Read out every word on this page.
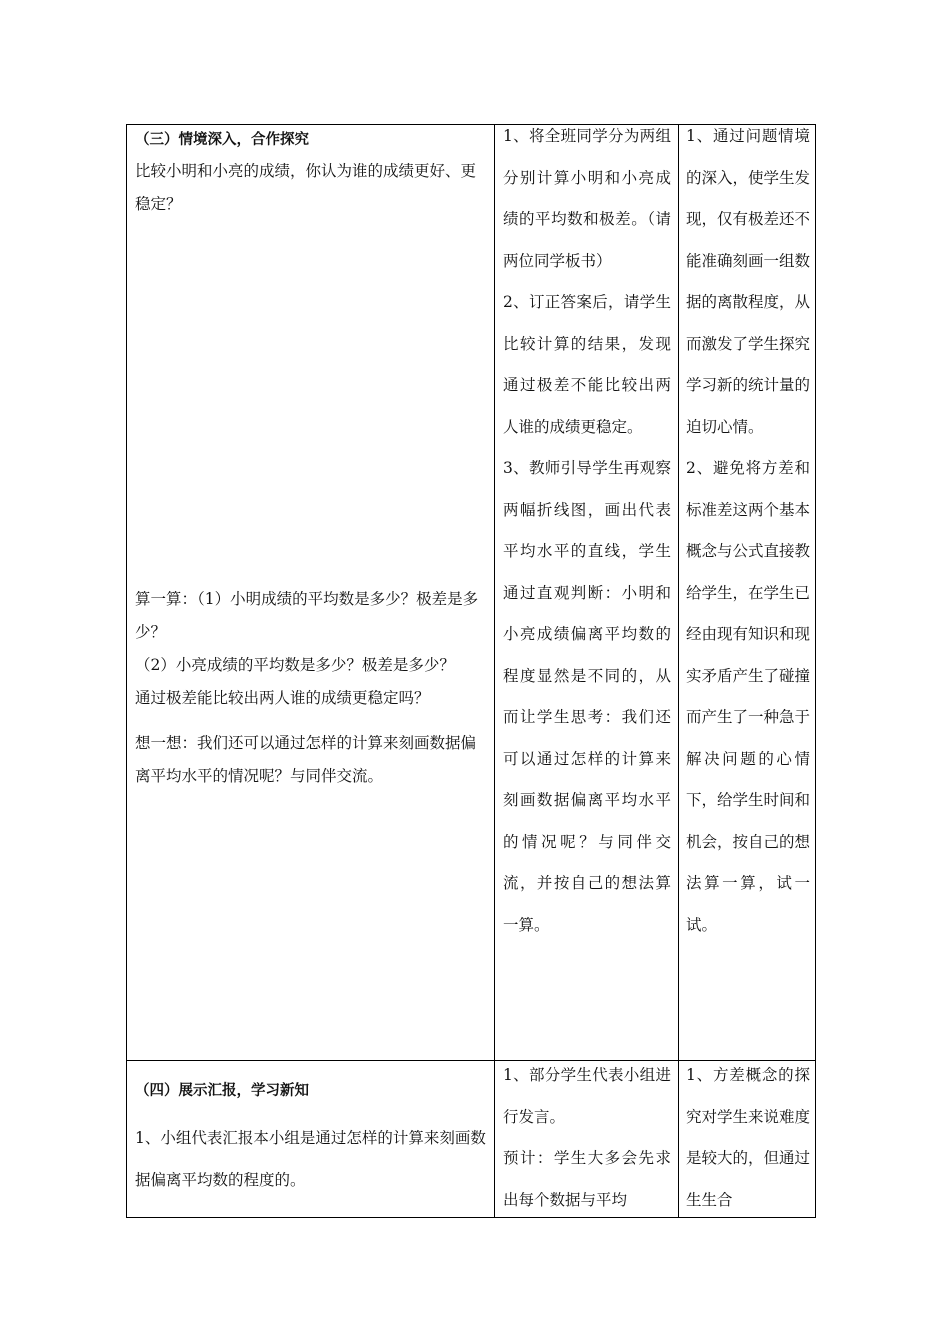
（三）情境深入，合作探究

比较小明和小亮的成绩，你认为谁的成绩更好、更稳定？

算一算：（1）小明成绩的平均数是多少？极差是多少？

（2）小亮成绩的平均数是多少？极差是多少？

通过极差能比较出两人谁的成绩更稳定吗？

想一想：我们还可以通过怎样的计算来刻画数据偏离平均水平的情况呢？与同伴交流。

1、将全班同学分为两组分别计算小明和小亮成绩的平均数和极差。（请两位同学板书）

2、订正答案后，请学生比较计算的结果，发现通过极差不能比较出两人谁的成绩更稳定。

3、教师引导学生再观察两幅折线图，画出代表平均水平的直线，学生通过直观判断：小明和小亮成绩偏离平均数的程度显然是不同的，从而让学生思考：我们还可以通过怎样的计算来刻画数据偏离平均水平的情况呢？与同伴交流，并按自己的想法算一算。

1、通过问题情境的深入，使学生发现，仅有极差还不能准确刻画一组数据的离散程度，从而激发了学生探究学习新的统计量的迫切心情。

2、避免将方差和标准差这两个基本概念与公式直接教给学生，在学生已经由现有知识和现实矛盾产生了碰撞而产生了一种急于解决问题的心情下，给学生时间和机会，按自己的想法算一算，试一试。

（四）展示汇报，学习新知

1、小组代表汇报本小组是通过怎样的计算来刻画数据偏离平均数的程度的。

1、部分学生代表小组进行发言。

预计：学生大多会先求出每个数据与平均

1、方差概念的探究对学生来说难度是较大的，但通过生生合
